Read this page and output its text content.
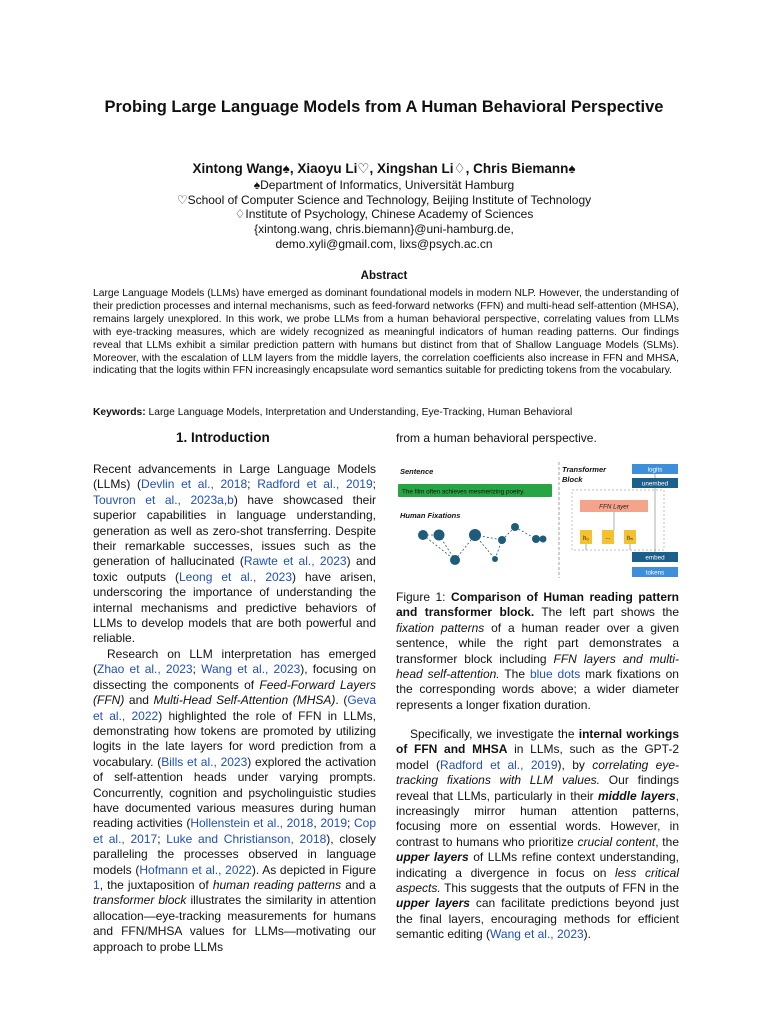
Probing Large Language Models from A Human Behavioral Perspective
Xintong Wang♠, Xiaoyu Li♡, Xingshan Li♢, Chris Biemann♠
♠Department of Informatics, Universität Hamburg
♡School of Computer Science and Technology, Beijing Institute of Technology
♢Institute of Psychology, Chinese Academy of Sciences
{xintong.wang, chris.biemann}@uni-hamburg.de,
demo.xyli@gmail.com, lixs@psych.ac.cn
Abstract
Large Language Models (LLMs) have emerged as dominant foundational models in modern NLP. However, the understanding of their prediction processes and internal mechanisms, such as feed-forward networks (FFN) and multi-head self-attention (MHSA), remains largely unexplored. In this work, we probe LLMs from a human behavioral perspective, correlating values from LLMs with eye-tracking measures, which are widely recognized as meaningful indicators of human reading patterns. Our findings reveal that LLMs exhibit a similar prediction pattern with humans but distinct from that of Shallow Language Models (SLMs). Moreover, with the escalation of LLM layers from the middle layers, the correlation coefficients also increase in FFN and MHSA, indicating that the logits within FFN increasingly encapsulate word semantics suitable for predicting tokens from the vocabulary.
Keywords: Large Language Models, Interpretation and Understanding, Eye-Tracking, Human Behavioral
1. Introduction

Recent advancements in Large Language Models (LLMs) (Devlin et al., 2018; Radford et al., 2019; Touvron et al., 2023a,b) have showcased their superior capabilities in language understanding, generation as well as zero-shot transferring. Despite their remarkable successes, issues such as the generation of hallucinated (Rawte et al., 2023) and toxic outputs (Leong et al., 2023) have arisen, underscoring the importance of understanding the internal mechanisms and predictive behaviors of LLMs to develop models that are both powerful and reliable.

Research on LLM interpretation has emerged (Zhao et al., 2023; Wang et al., 2023), focusing on dissecting the components of Feed-Forward Layers (FFN) and Multi-Head Self-Attention (MHSA). (Geva et al., 2022) highlighted the role of FFN in LLMs, demonstrating how tokens are promoted by utilizing logits in the late layers for word prediction from a vocabulary. (Bills et al., 2023) explored the activation of self-attention heads under varying prompts. Concurrently, cognition and psycholinguistic studies have documented various measures during human reading activities (Hollenstein et al., 2018, 2019; Cop et al., 2017; Luke and Christianson, 2018), closely paralleling the processes observed in language models (Hofmann et al., 2022). As depicted in Figure 1, the juxtaposition of human reading patterns and a transformer block illustrates the similarity in attention allocation—eye-tracking measurements for humans and FFN/MHSA values for LLMs—motivating our approach to probe LLMs

from a human behavioral perspective.
Sentence
The film often achieves mesmerizing poetry.
Human Fixations
Transformer
Block
logits
unembed
FFN Layer
h₀	...	hₙ
embed
tokens
Figure 1: Comparison of Human reading pattern and transformer block. The left part shows the fixation patterns of a human reader over a given sentence, while the right part demonstrates a transformer block including FFN layers and multi-head self-attention. The blue dots mark fixations on the corresponding words above; a wider diameter represents a longer fixation duration.

Specifically, we investigate the internal workings of FFN and MHSA in LLMs, such as the GPT-2 model (Radford et al., 2019), by correlating eye-tracking fixations with LLM values. Our findings reveal that LLMs, particularly in their middle layers, increasingly mirror human attention patterns, focusing more on essential words. However, in contrast to humans who prioritize crucial content, the upper layers of LLMs refine context understanding, indicating a divergence in focus on less critical aspects. This suggests that the outputs of FFN in the upper layers can facilitate predictions beyond just the final layers, encouraging methods for efficient semantic editing (Wang et al., 2023).
